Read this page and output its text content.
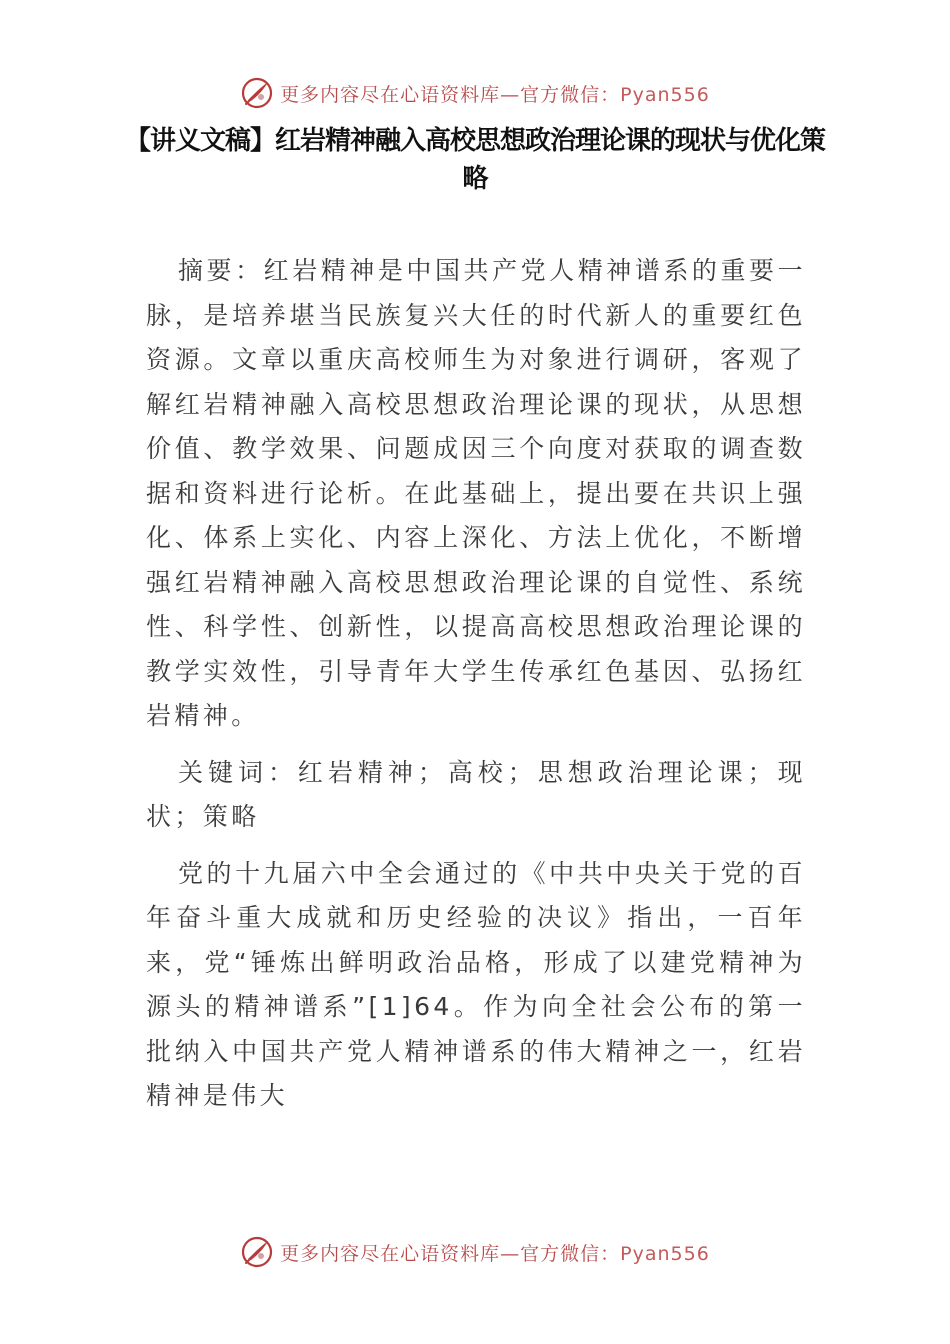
更多内容尽在心语资料库—官方微信：Pyan556
【讲义文稿】红岩精神融入高校思想政治理论课的现状与优化策略

摘要：红岩精神是中国共产党人精神谱系的重要一脉，是培养堪当民族复兴大任的时代新人的重要红色资源。文章以重庆高校师生为对象进行调研，客观了解红岩精神融入高校思想政治理论课的现状，从思想价值、教学效果、问题成因三个向度对获取的调查数据和资料进行论析。在此基础上，提出要在共识上强化、体系上实化、内容上深化、方法上优化，不断增强红岩精神融入高校思想政治理论课的自觉性、系统性、科学性、创新性，以提高高校思想政治理论课的教学实效性，引导青年大学生传承红色基因、弘扬红岩精神。

关键词：红岩精神；高校；思想政治理论课；现状；策略

党的十九届六中全会通过的《中共中央关于党的百年奋斗重大成就和历史经验的决议》指出，一百年来，党“锤炼出鲜明政治品格，形成了以建党精神为源头的精神谱系”[1]64。作为向全社会公布的第一批纳入中国共产党人精神谱系的伟大精神之一，红岩精神是伟大

更多内容尽在心语资料库—官方微信：Pyan556
